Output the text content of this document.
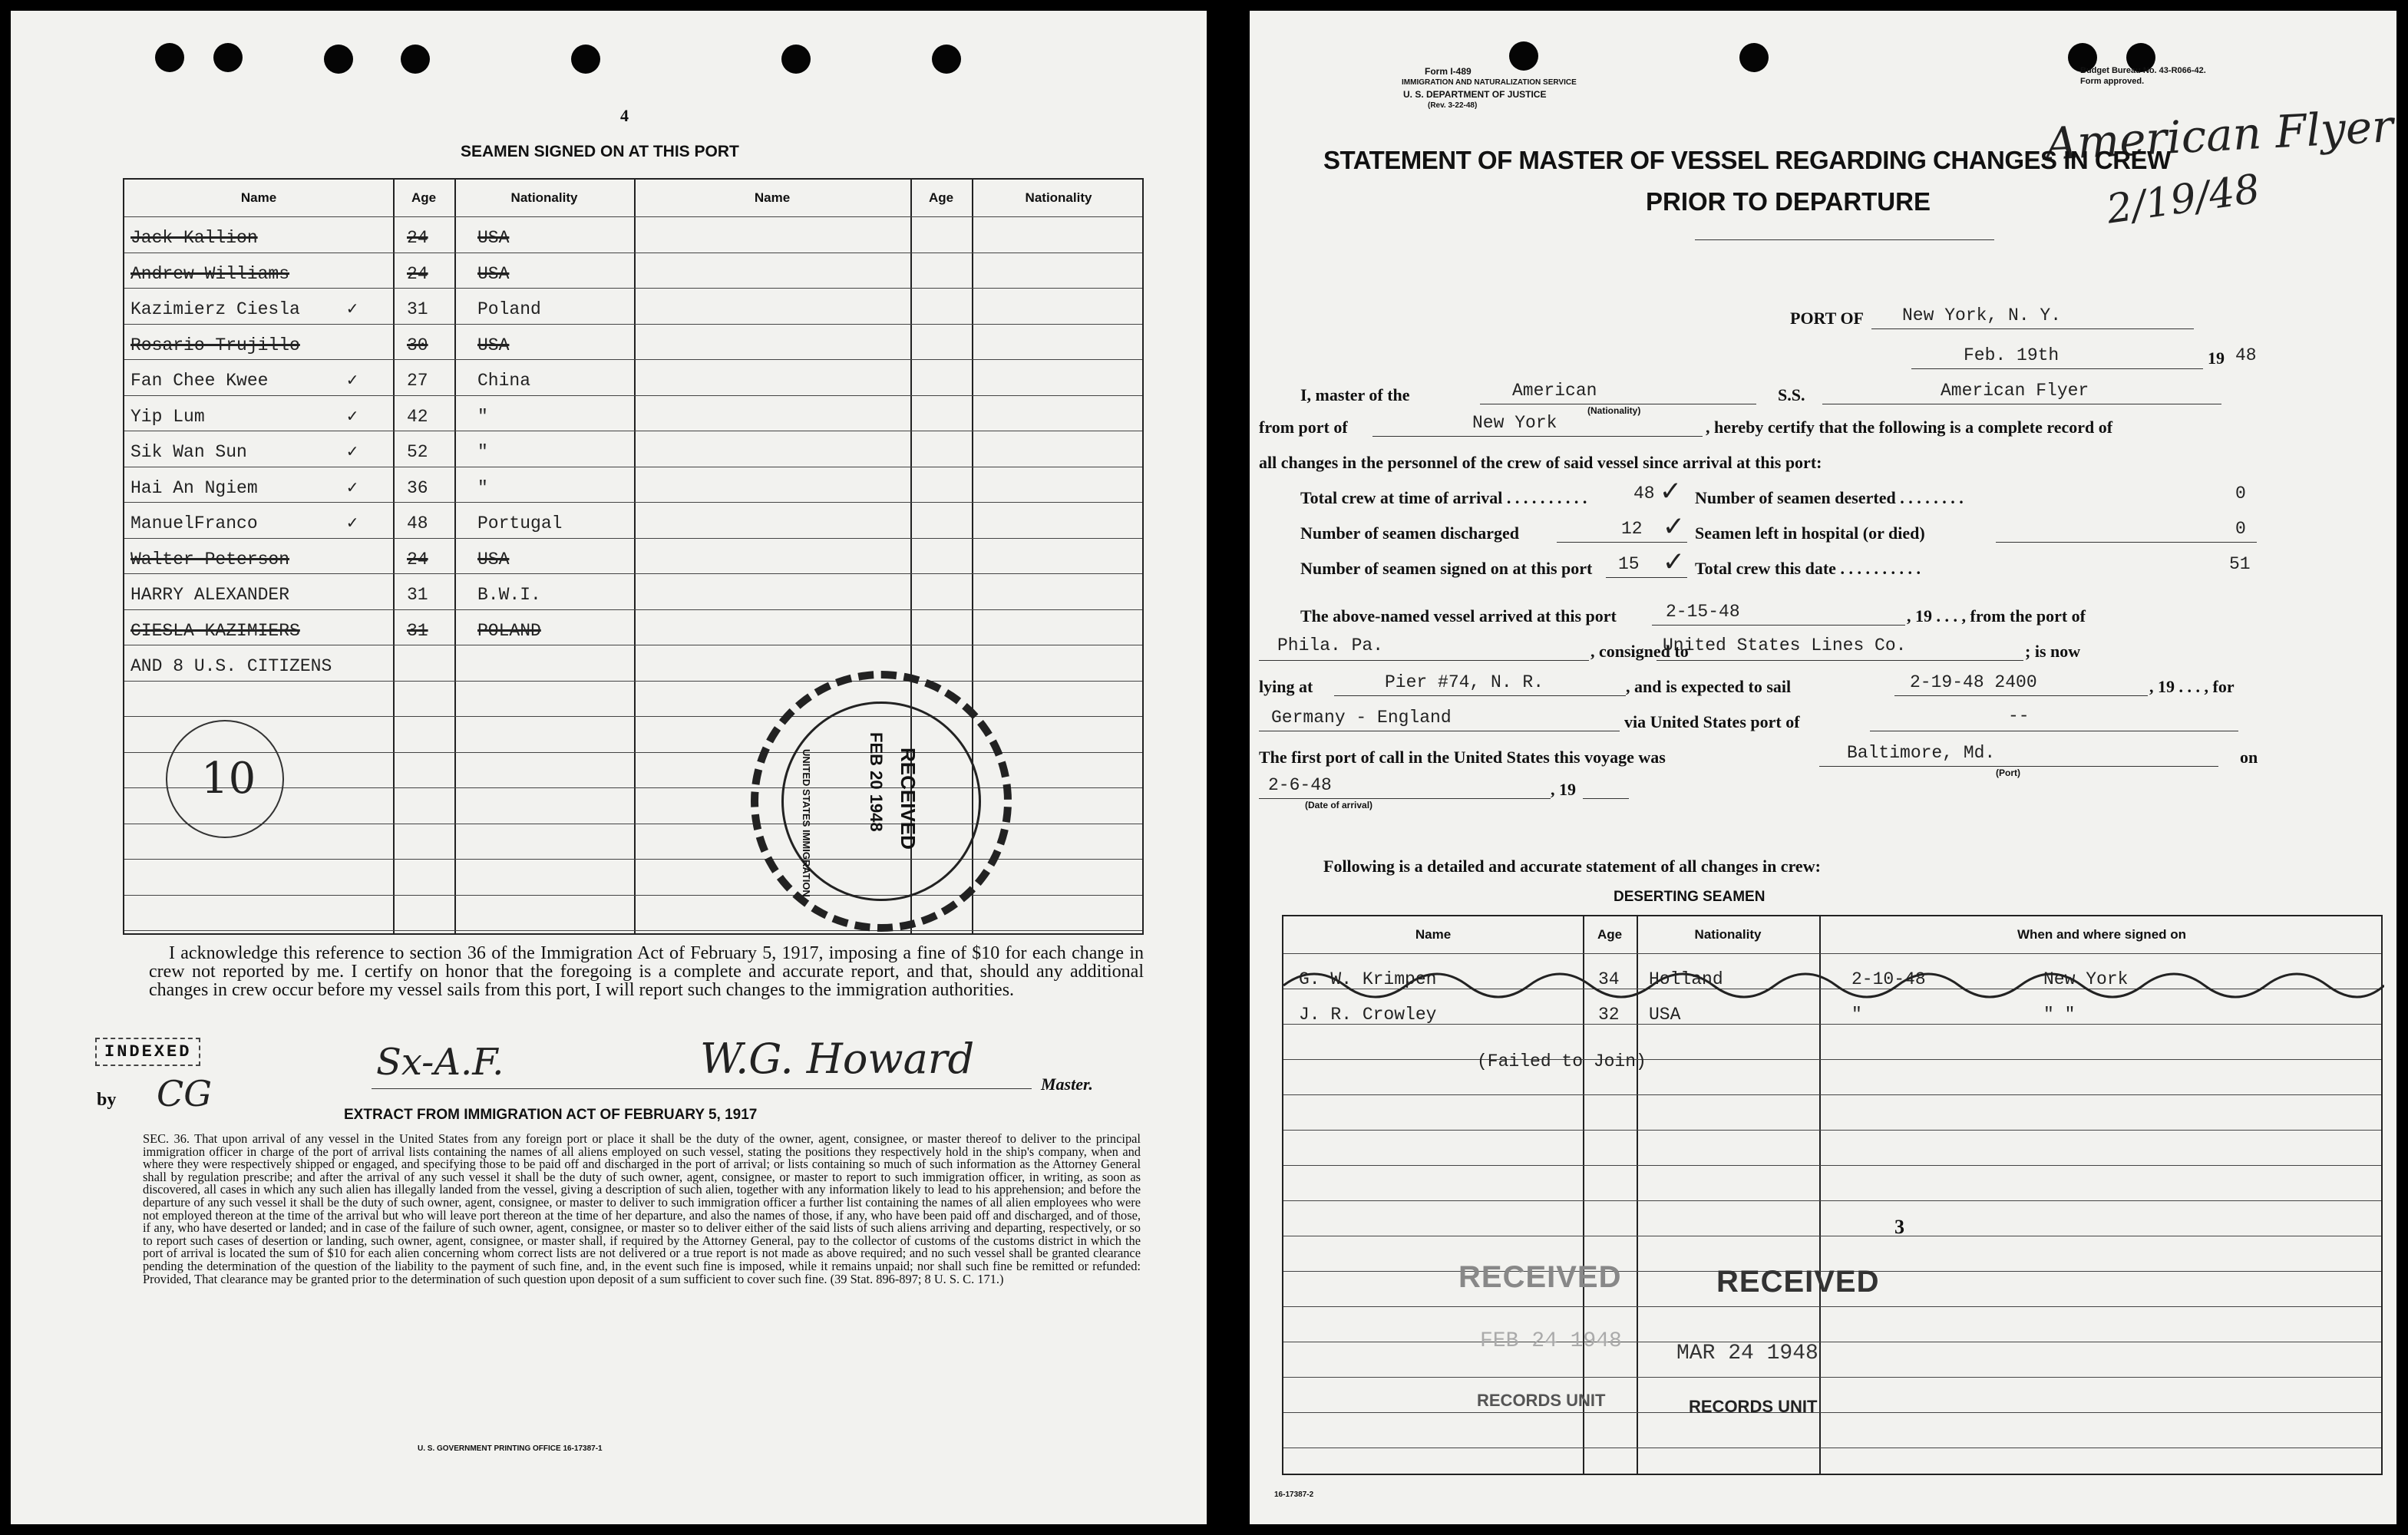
4
SEAMEN SIGNED ON AT THIS PORT
Name	Age	Nationality	Name	Age	Nationality
Jack Kallion	24	USA
Andrew Williams	24	USA
Kazimierz Ciesla	✓	31	Poland
Rosario Trujillo	30	USA
Fan Chee Kwee	✓	27	China
Yip Lum	✓	42	"
Sik Wan Sun	✓	52	"
Hai An Ngiem	✓	36	"
ManuelFranco	✓	48	Portugal
Walter Peterson	24	USA
HARRY ALEXANDER	31	B.W.I.
CIESLA KAZIMIERS	31	POLAND
AND 8 U.S. CITIZENS
10	UNITED STATES IMMIGRATION	RECEIVED
FEB 20 1948
I acknowledge this reference to section 36 of the Immigration Act of February 5, 1917, imposing a fine of $10 for each change in crew not reported by me. I certify on honor that the foregoing is a complete and accurate report, and that, should any additional changes in crew occur before my vessel sails from this port, I will report such changes to the immigration authorities.
INDEXED
by CG
Sx-A.F.	W.G. Howard
Master.
EXTRACT FROM IMMIGRATION ACT OF FEBRUARY 5, 1917
SEC. 36. That upon arrival of any vessel in the United States from any foreign port or place it shall be the duty of the owner, agent, consignee, or master thereof to deliver to the principal immigration officer in charge of the port of arrival lists containing the names of all aliens employed on such vessel, stating the positions they respectively hold in the ship's company, when and where they were respectively shipped or engaged, and specifying those to be paid off and discharged in the port of arrival; or lists containing so much of such information as the Attorney General shall by regulation prescribe; and after the arrival of any such vessel it shall be the duty of such owner, agent, consignee, or master to report to such immigration officer, in writing, as soon as discovered, all cases in which any such alien has illegally landed from the vessel, giving a description of such alien, together with any information likely to lead to his apprehension; and before the departure of any such vessel it shall be the duty of such owner, agent, consignee, or master to deliver to such immigration officer a further list containing the names of all alien employees who were not employed thereon at the time of the arrival but who will leave port thereon at the time of her departure, and also the names of those, if any, who have been paid off and discharged, and of those, if any, who have deserted or landed; and in case of the failure of such owner, agent, consignee, or master so to deliver either of the said lists of such aliens arriving and departing, respectively, or so to report such cases of desertion or landing, such owner, agent, consignee, or master shall, if required by the Attorney General, pay to the collector of customs of the customs district in which the port of arrival is located the sum of $10 for each alien concerning whom correct lists are not delivered or a true report is not made as above required; and no such vessel shall be granted clearance pending the determination of the question of the liability to the payment of such fine, and, in the event such fine is imposed, while it remains unpaid; nor shall such fine be remitted or refunded: Provided, That clearance may be granted prior to the determination of such question upon deposit of a sum sufficient to cover such fine. (39 Stat. 896-897; 8 U. S. C. 171.)
U. S. GOVERNMENT PRINTING OFFICE 16-17387-1
Form I-489
IMMIGRATION AND NATURALIZATION SERVICE
U. S. DEPARTMENT OF JUSTICE
(Rev. 3-22-48)
Budget Bureau No. 43-R066-42.
Form approved.
American Flyer
2/19/48
STATEMENT OF MASTER OF VESSEL REGARDING CHANGES IN CREW
PRIOR TO DEPARTURE
PORT OF New York, N. Y.
Feb. 19th	19 48
I, master of the	American
(Nationality)
S.S.	American Flyer
from port of	New York	, hereby certify that the following is a complete record of
all changes in the personnel of the crew of said vessel since arrival at this port:
Total crew at time of arrival . . . . . . . . . .	48
Number of seamen discharged	12
Number of seamen signed on at this port 15
✓
✓
✓
Number of seamen deserted . . . . . . . .	0
Seamen left in hospital (or died)	0
Total crew this date . . . . . . . . . .	51
The above-named vessel arrived at this port	2-15-48	, 19 . . . , from the port of
Phila. Pa.	, consigned to
United States Lines Co.	; is now
lying at	Pier #74, N. R.	, and is expected to sail	2-19-48 2400	, 19 . . . , for
Germany - England	via United States port of	--
The first port of call in the United States this voyage was	Baltimore, Md.
(Port)
on
2-6-48
(Date of arrival)
, 19
Following is a detailed and accurate statement of all changes in crew:
DESERTING SEAMEN
Name	Age	Nationality	When and where signed on
G. W. Krimpen	34 Holland	2-10-48	New York
J. R. Crowley	32 USA	"	" "
(Failed to Join)
3
RECEIVED	RECEIVED
FEB 24 1948
MAR 24 1948
RECORDS UNIT	RECORDS UNIT
16-17387-2
